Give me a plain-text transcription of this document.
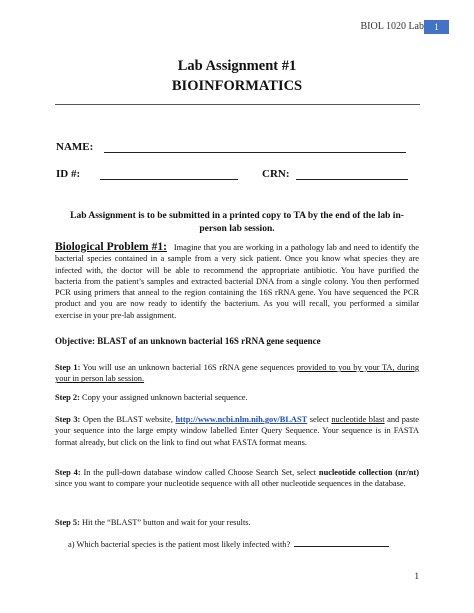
BIOL 1020 Lab	1
Lab Assignment #1
BIOINFORMATICS
NAME:
ID #:	CRN:
Lab Assignment is to be submitted in a printed copy to TA by the end of the lab in-person lab session.
Biological Problem #1: Imagine that you are working in a pathology lab and need to identify the bacterial species contained in a sample from a very sick patient. Once you know what species they are infected with, the doctor will be able to recommend the appropriate antibiotic. You have purified the bacteria from the patient’s samples and extracted bacterial DNA from a single colony. You then performed PCR using primers that anneal to the region containing the 16S rRNA gene. You have sequenced the PCR product and you are now ready to identify the bacterium. As you will recall, you performed a similar exercise in your pre-lab assignment.
Objective: BLAST of an unknown bacterial 16S rRNA gene sequence
Step 1: You will use an unknown bacterial 16S rRNA gene sequences provided to you by your TA, during your in person lab session.
Step 2: Copy your assigned unknown bacterial sequence.
Step 3: Open the BLAST website, http://www.ncbi.nlm.nih.gov/BLAST select nucleotide blast and paste your sequence into the large empty window labelled Enter Query Sequence. Your sequence is in FASTA format already, but click on the link to find out what FASTA format means.
Step 4: In the pull-down database window called Choose Search Set, select nucleotide collection (nr/nt) since you want to compare your nucleotide sequence with all other nucleotide sequences in the database.
Step 5: Hit the “BLAST” button and wait for your results.
a) Which bacterial species is the patient most likely infected with?
1
